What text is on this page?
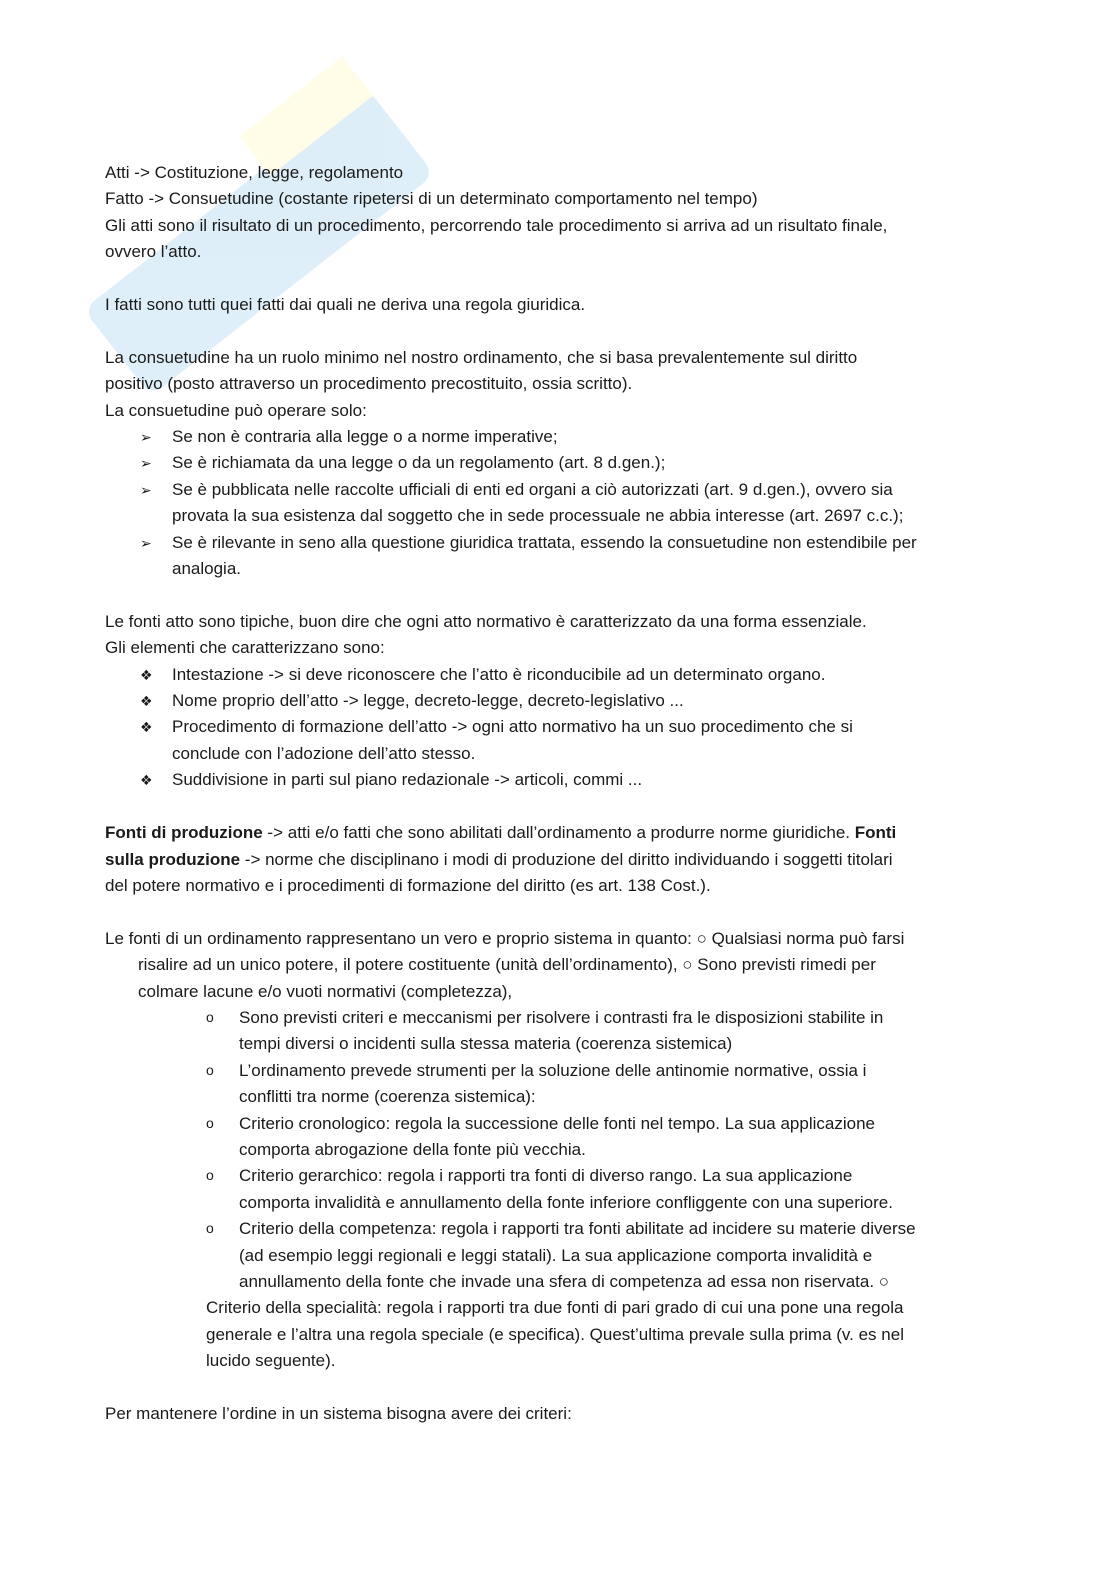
Atti -> Costituzione, legge, regolamento
Fatto -> Consuetudine (costante ripetersi di un determinato comportamento nel tempo)
Gli atti sono il risultato di un procedimento, percorrendo tale procedimento si arriva ad un risultato finale,
ovvero l’atto.
I fatti sono tutti quei fatti dai quali ne deriva una regola giuridica.
La consuetudine ha un ruolo minimo nel nostro ordinamento, che si basa prevalentemente sul diritto
positivo (posto attraverso un procedimento precostituito, ossia scritto).
La consuetudine può operare solo:
➢ Se non è contraria alla legge o a norme imperative;
➢ Se è richiamata da una legge o da un regolamento (art. 8 d.gen.);
➢ Se è pubblicata nelle raccolte ufficiali di enti ed organi a ciò autorizzati (art. 9 d.gen.), ovvero sia
provata la sua esistenza dal soggetto che in sede processuale ne abbia interesse (art. 2697 c.c.);
➢ Se è rilevante in seno alla questione giuridica trattata, essendo la consuetudine non estendibile per
analogia.
Le fonti atto sono tipiche, buon dire che ogni atto normativo è caratterizzato da una forma essenziale.
Gli elementi che caratterizzano sono:
❖ Intestazione -> si deve riconoscere che l’atto è riconducibile ad un determinato organo.
❖ Nome proprio dell’atto -> legge, decreto-legge, decreto-legislativo ...
❖ Procedimento di formazione dell’atto -> ogni atto normativo ha un suo procedimento che si
conclude con l’adozione dell’atto stesso.
❖ Suddivisione in parti sul piano redazionale -> articoli, commi ...
Fonti di produzione -> atti e/o fatti che sono abilitati dall’ordinamento a produrre norme giuridiche. Fonti
sulla produzione -> norme che disciplinano i modi di produzione del diritto individuando i soggetti titolari
del potere normativo e i procedimenti di formazione del diritto (es art. 138 Cost.).
Le fonti di un ordinamento rappresentano un vero e proprio sistema in quanto: ○ Qualsiasi norma può farsi
risalire ad un unico potere, il potere costituente (unità dell’ordinamento), ○ Sono previsti rimedi per
colmare lacune e/o vuoti normativi (completezza),
o Sono previsti criteri e meccanismi per risolvere i contrasti fra le disposizioni stabilite in
tempi diversi o incidenti sulla stessa materia (coerenza sistemica)
o L’ordinamento prevede strumenti per la soluzione delle antinomie normative, ossia i
conflitti tra norme (coerenza sistemica):
o Criterio cronologico: regola la successione delle fonti nel tempo. La sua applicazione
comporta abrogazione della fonte più vecchia.
o Criterio gerarchico: regola i rapporti tra fonti di diverso rango. La sua applicazione
comporta invalidità e annullamento della fonte inferiore confliggente con una superiore.
o Criterio della competenza: regola i rapporti tra fonti abilitate ad incidere su materie diverse
(ad esempio leggi regionali e leggi statali). La sua applicazione comporta invalidità e
annullamento della fonte che invade una sfera di competenza ad essa non riservata. ○
Criterio della specialità: regola i rapporti tra due fonti di pari grado di cui una pone una regola
generale e l’altra una regola speciale (e specifica). Quest’ultima prevale sulla prima (v. es nel
lucido seguente).
Per mantenere l’ordine in un sistema bisogna avere dei criteri:
